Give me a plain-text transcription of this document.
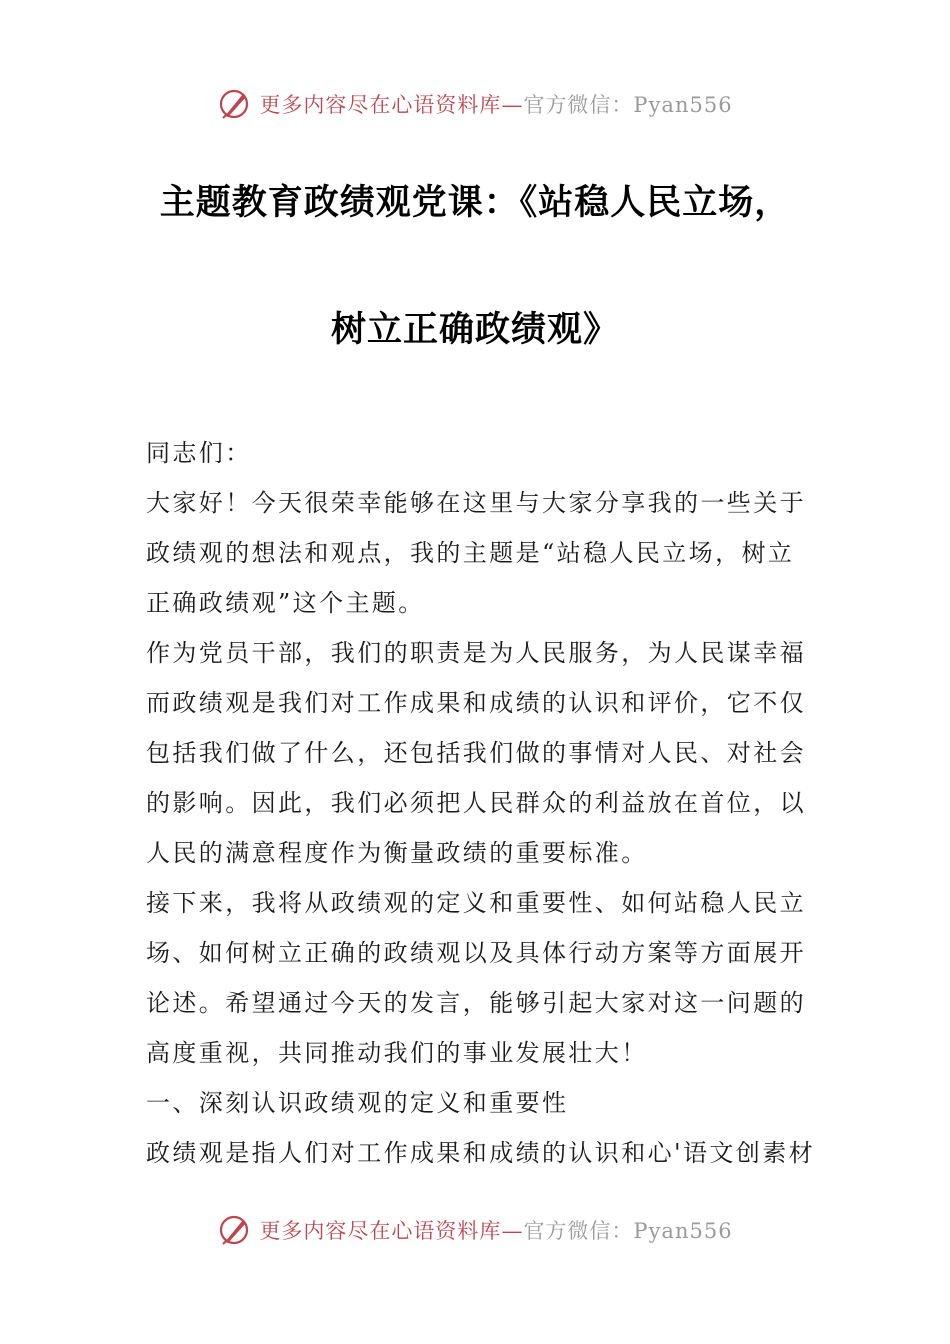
更多内容尽在心语资料库—官方微信：Pyan556
主题教育政绩观党课：《站稳人民立场，
树立正确政绩观》

同志们：

大家好！今天很荣幸能够在这里与大家分享我的一些关于

政绩观的想法和观点，我的主题是“站稳人民立场，树立

正确政绩观”这个主题。

作为党员干部，我们的职责是为人民服务，为人民谋幸福

而政绩观是我们对工作成果和成绩的认识和评价，它不仅

包括我们做了什么，还包括我们做的事情对人民、对社会

的影响。因此，我们必须把人民群众的利益放在首位，以

人民的满意程度作为衡量政绩的重要标准。

接下来，我将从政绩观的定义和重要性、如何站稳人民立

场、如何树立正确的政绩观以及具体行动方案等方面展开

论述。希望通过今天的发言，能够引起大家对这一问题的

高度重视，共同推动我们的事业发展壮大！

一、深刻认识政绩观的定义和重要性

政绩观是指人们对工作成果和成绩的认识和心'语文创素材

更多内容尽在心语资料库—官方微信：Pyan556
